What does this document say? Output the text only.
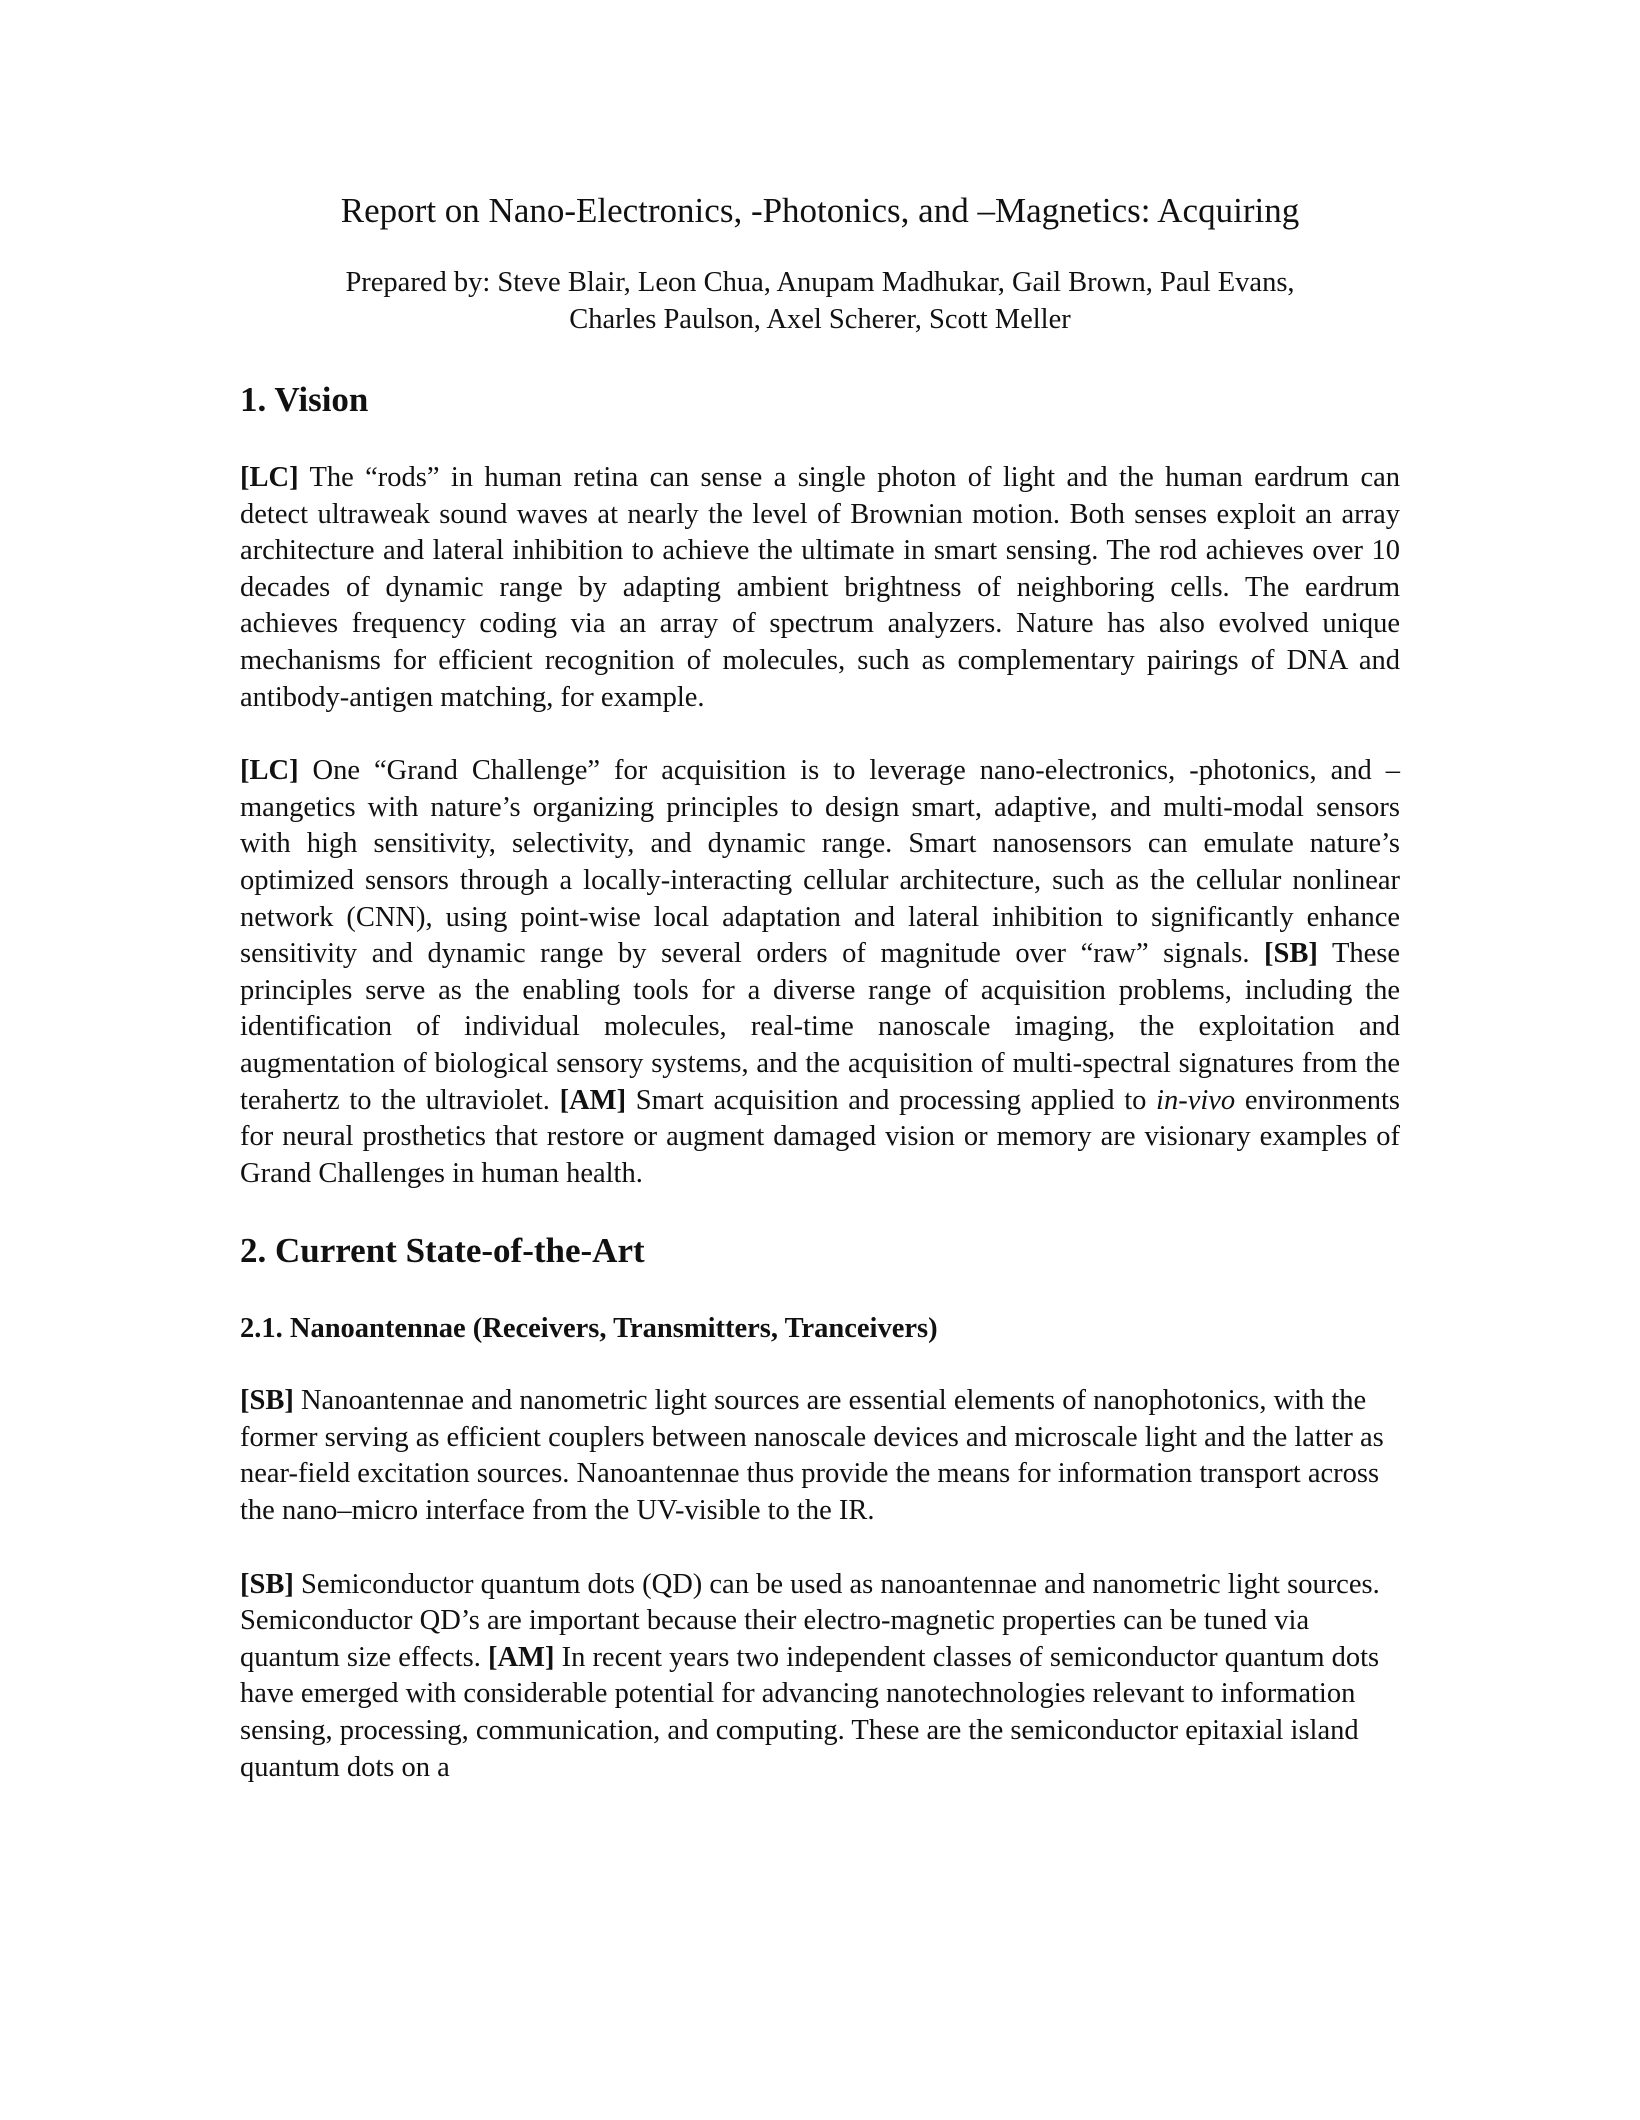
Report on Nano-Electronics, -Photonics, and –Magnetics: Acquiring
Prepared by: Steve Blair, Leon Chua, Anupam Madhukar, Gail Brown, Paul Evans,
Charles Paulson, Axel Scherer, Scott Meller
1. Vision

[LC] The “rods” in human retina can sense a single photon of light and the human eardrum can detect ultraweak sound waves at nearly the level of Brownian motion. Both senses exploit an array architecture and lateral inhibition to achieve the ultimate in smart sensing. The rod achieves over 10 decades of dynamic range by adapting ambient brightness of neighboring cells. The eardrum achieves frequency coding via an array of spectrum analyzers. Nature has also evolved unique mechanisms for efficient recognition of molecules, such as complementary pairings of DNA and antibody-antigen matching, for example.

[LC] One “Grand Challenge” for acquisition is to leverage nano-electronics, -photonics, and –mangetics with nature’s organizing principles to design smart, adaptive, and multi-modal sensors with high sensitivity, selectivity, and dynamic range. Smart nanosensors can emulate nature’s optimized sensors through a locally-interacting cellular architecture, such as the cellular nonlinear network (CNN), using point-wise local adaptation and lateral inhibition to significantly enhance sensitivity and dynamic range by several orders of magnitude over “raw” signals. [SB] These principles serve as the enabling tools for a diverse range of acquisition problems, including the identification of individual molecules, real-time nanoscale imaging, the exploitation and augmentation of biological sensory systems, and the acquisition of multi-spectral signatures from the terahertz to the ultraviolet. [AM] Smart acquisition and processing applied to in-vivo environments for neural prosthetics that restore or augment damaged vision or memory are visionary examples of Grand Challenges in human health.

2. Current State-of-the-Art
2.1. Nanoantennae (Receivers, Transmitters, Tranceivers)

[SB] Nanoantennae and nanometric light sources are essential elements of nanophotonics, with the former serving as efficient couplers between nanoscale devices and microscale light and the latter as near-field excitation sources. Nanoantennae thus provide the means for information transport across the nano–micro interface from the UV-visible to the IR.

[SB] Semiconductor quantum dots (QD) can be used as nanoantennae and nanometric light sources. Semiconductor QD’s are important because their electro-magnetic properties can be tuned via quantum size effects. [AM] In recent years two independent classes of semiconductor quantum dots have emerged with considerable potential for advancing nanotechnologies relevant to information sensing, processing, communication, and computing. These are the semiconductor epitaxial island quantum dots on a
